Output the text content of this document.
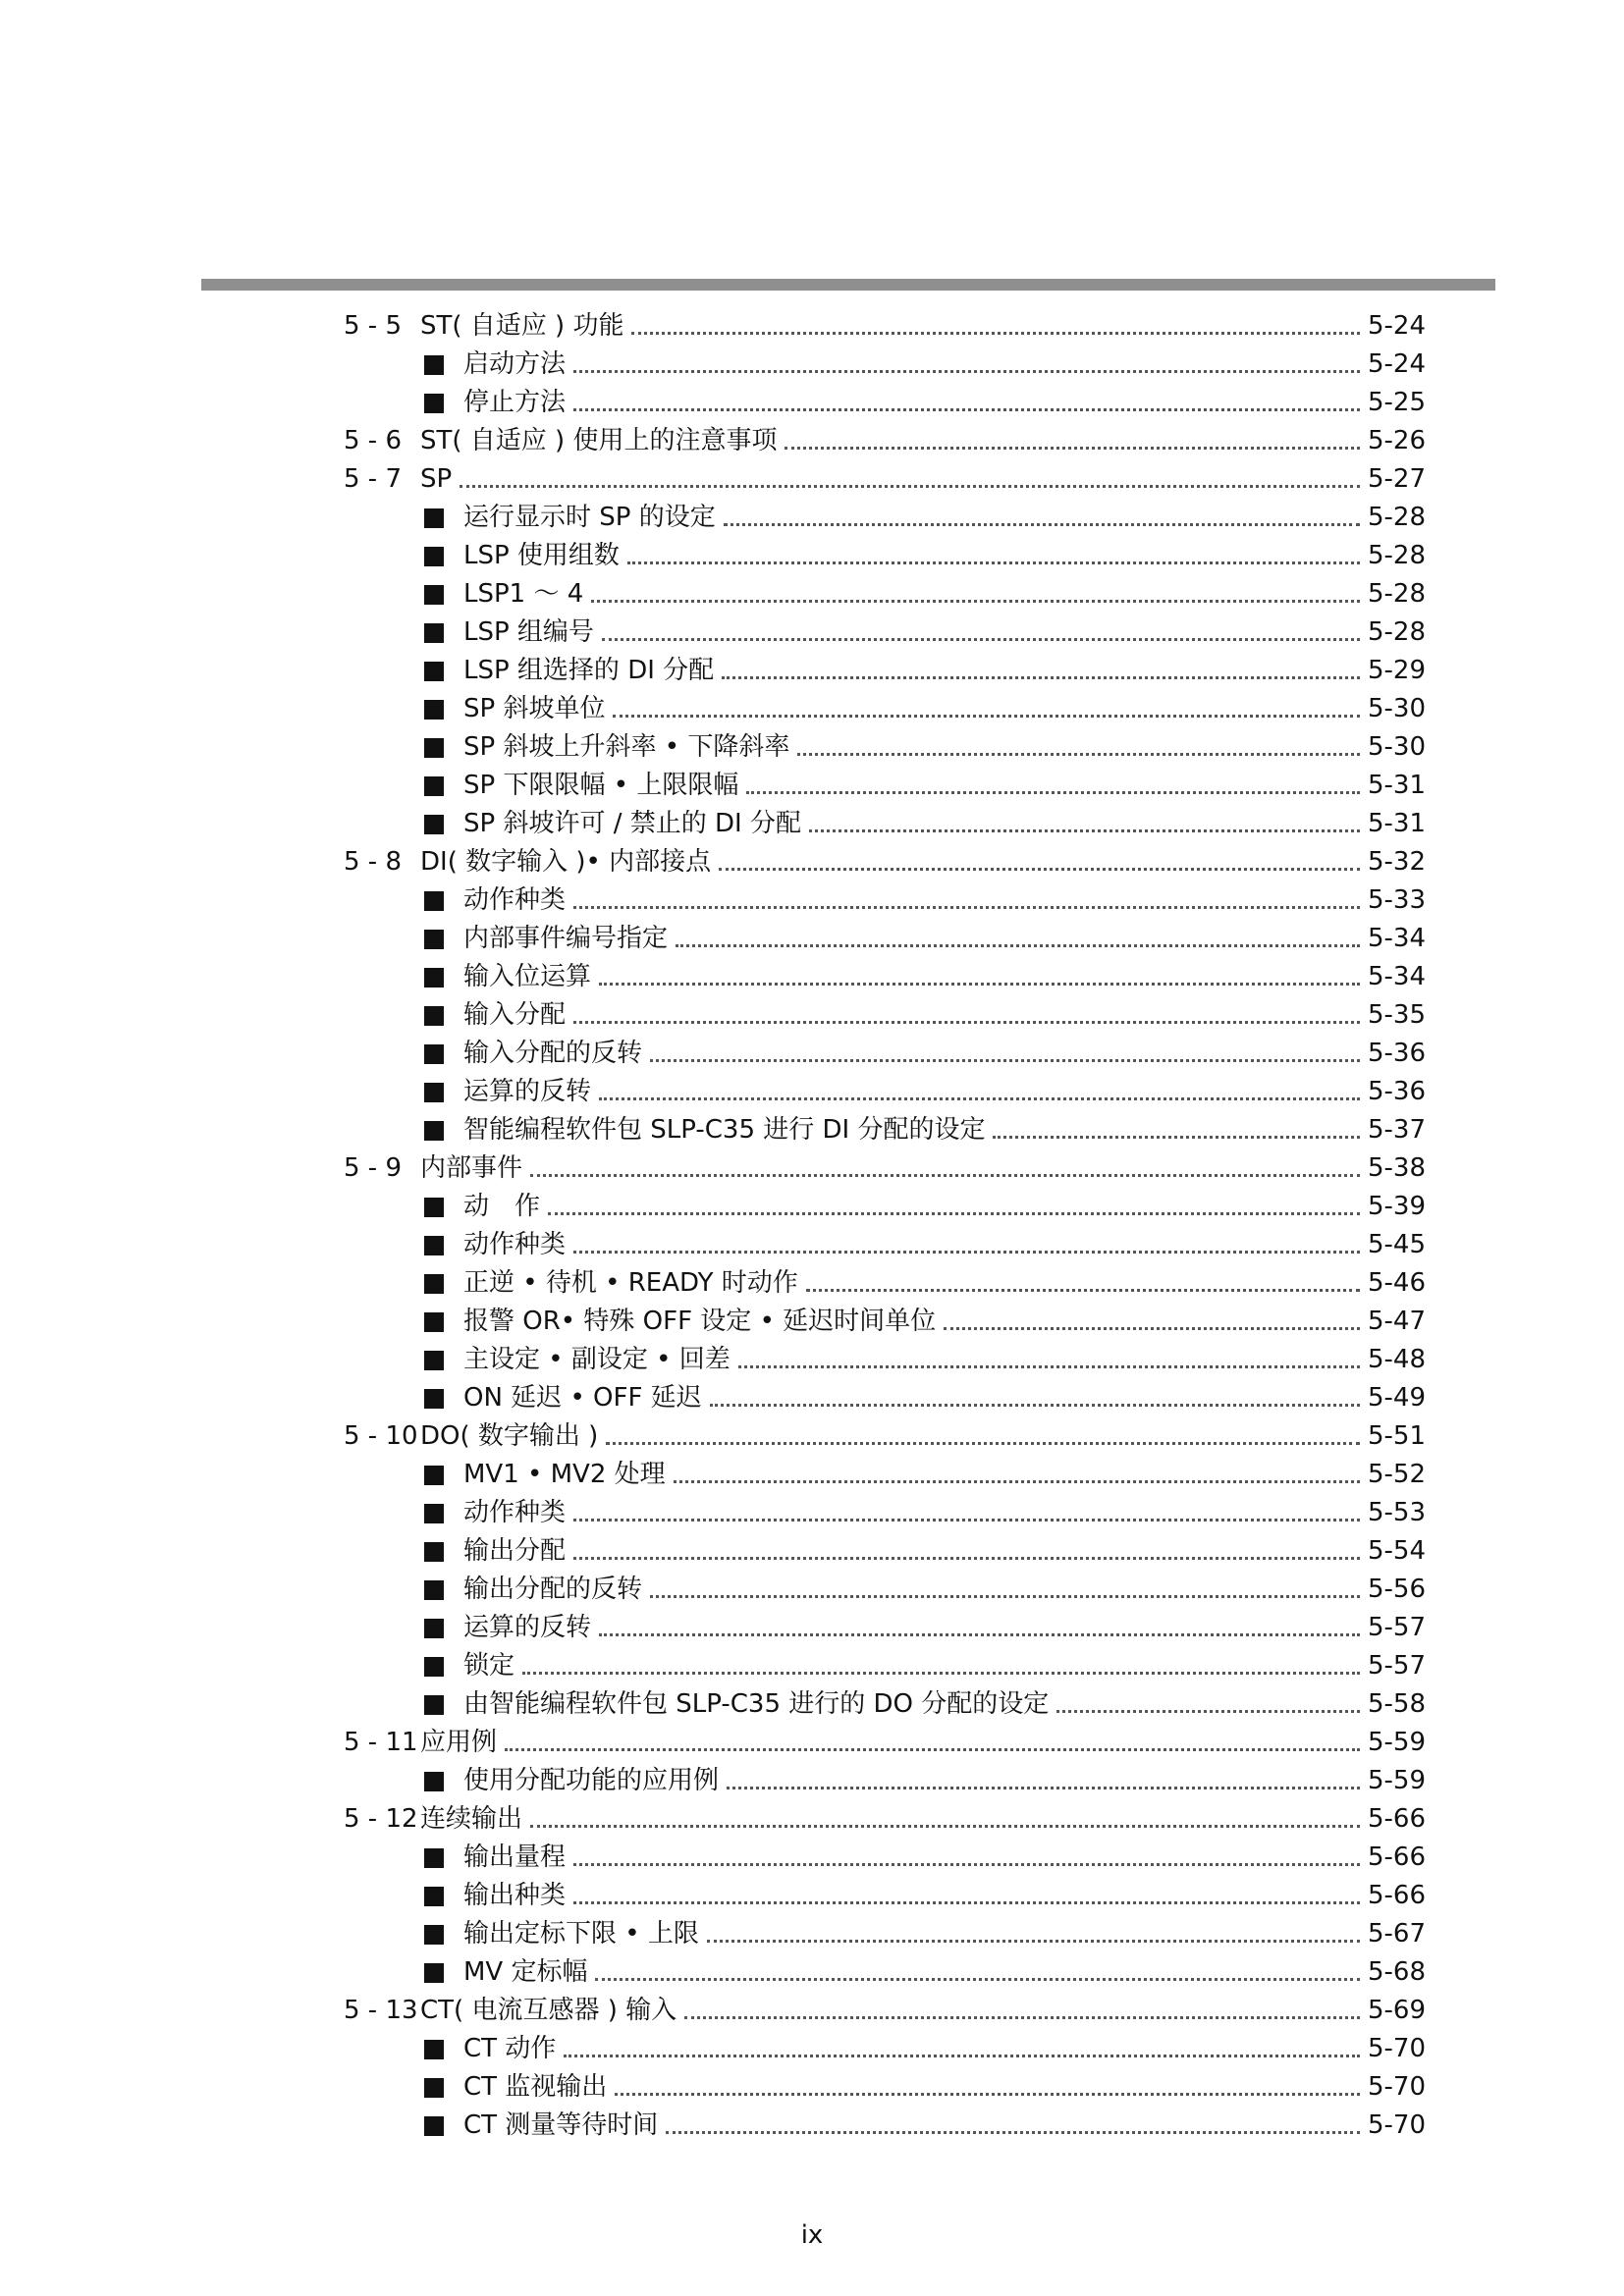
5 - 5 ST( 自适应 ) 功能	5-24
启动方法	5-24
停止方法	5-25
5 - 6 ST( 自适应 ) 使用上的注意事项	5-26
5 - 7 SP	5-27
运行显示时 SP 的设定	5-28
LSP 使用组数	5-28
LSP1 ～ 4	5-28
LSP 组编号	5-28
LSP 组选择的 DI 分配	5-29
SP 斜坡单位	5-30
SP 斜坡上升斜率 • 下降斜率	5-30
SP 下限限幅 • 上限限幅	5-31
SP 斜坡许可 / 禁止的 DI 分配	5-31
5 - 8 DI( 数字输入 )• 内部接点	5-32
动作种类	5-33
内部事件编号指定	5-34
输入位运算	5-34
输入分配	5-35
输入分配的反转	5-36
运算的反转	5-36
智能编程软件包 SLP-C35 进行 DI 分配的设定	5-37
5 - 9 内部事件	5-38
动　作	5-39
动作种类	5-45
正逆 • 待机 • READY 时动作	5-46
报警 OR• 特殊 OFF 设定 • 延迟时间单位	5-47
主设定 • 副设定 • 回差	5-48
ON 延迟 • OFF 延迟	5-49
5 - 10 DO( 数字输出 )	5-51
MV1 • MV2 处理	5-52
动作种类	5-53
输出分配	5-54
输出分配的反转	5-56
运算的反转	5-57
锁定	5-57
由智能编程软件包 SLP-C35 进行的 DO 分配的设定	5-58
5 - 11 应用例	5-59
使用分配功能的应用例	5-59
5 - 12 连续输出	5-66
输出量程	5-66
输出种类	5-66
输出定标下限 • 上限	5-67
MV 定标幅	5-68
5 - 13 CT( 电流互感器 ) 输入	5-69
CT 动作	5-70
CT 监视输出	5-70
CT 测量等待时间	5-70
ix
